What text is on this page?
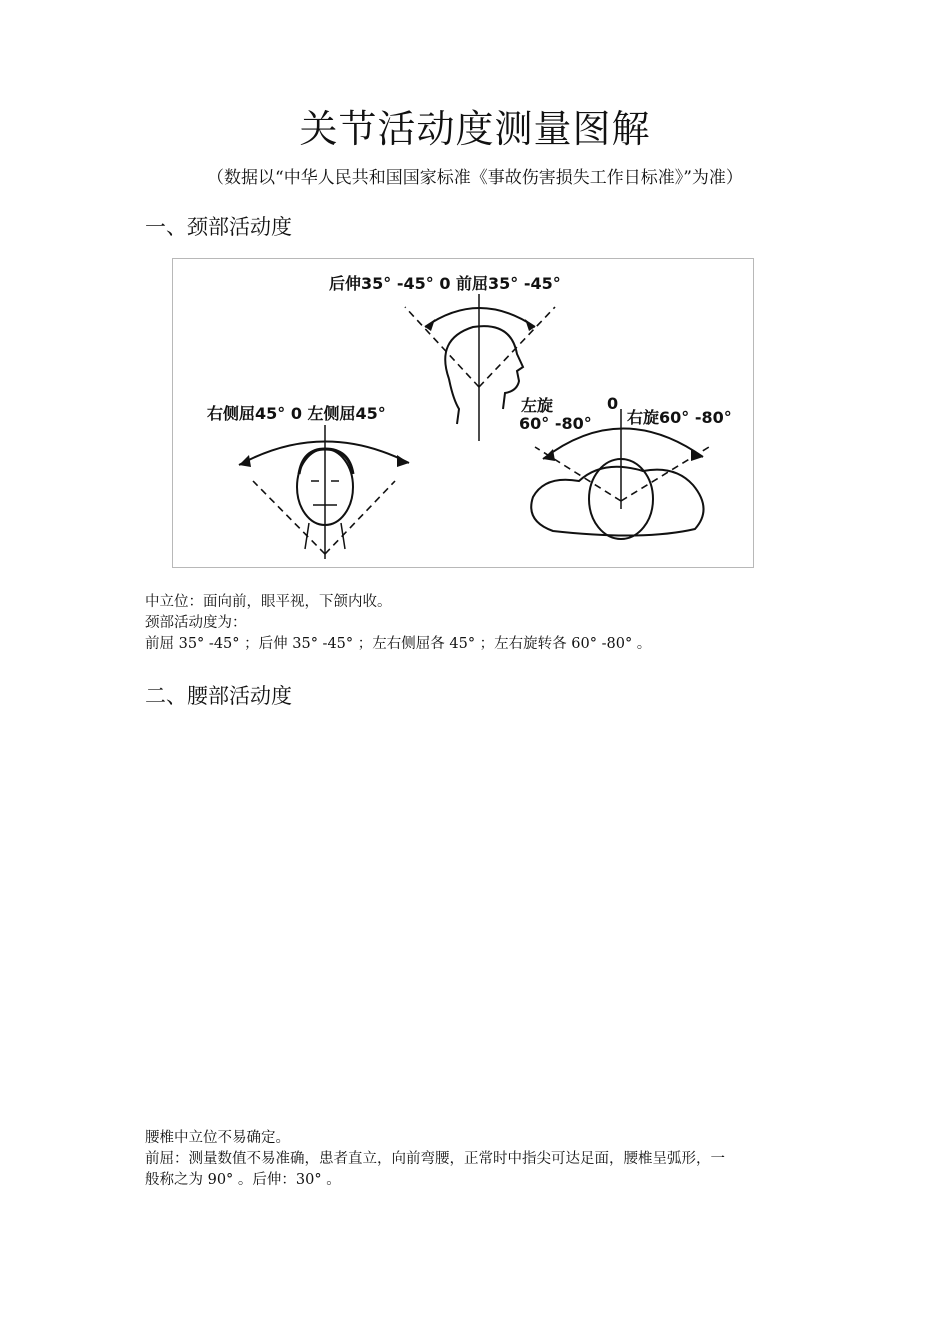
关节活动度测量图解
（数据以“中华人民共和国国家标准《事故伤害损失工作日标准》”为准）
一、颈部活动度
后伸35° -45° 0 前屈35° -45°
右侧屈45° 0 左侧屈45°	左旋
60° -80°
0
右旋60° -80°
中立位：面向前，眼平视，下颌内收。
颈部活动度为：
前屈 35° -45° ；后伸 35° -45° ；左右侧屈各 45° ；左右旋转各 60° -80° 。
二、腰部活动度
腰椎中立位不易确定。
前屈：测量数值不易准确，患者直立，向前弯腰，正常时中指尖可达足面，腰椎呈弧形，一
般称之为 90° 。后伸：30° 。
